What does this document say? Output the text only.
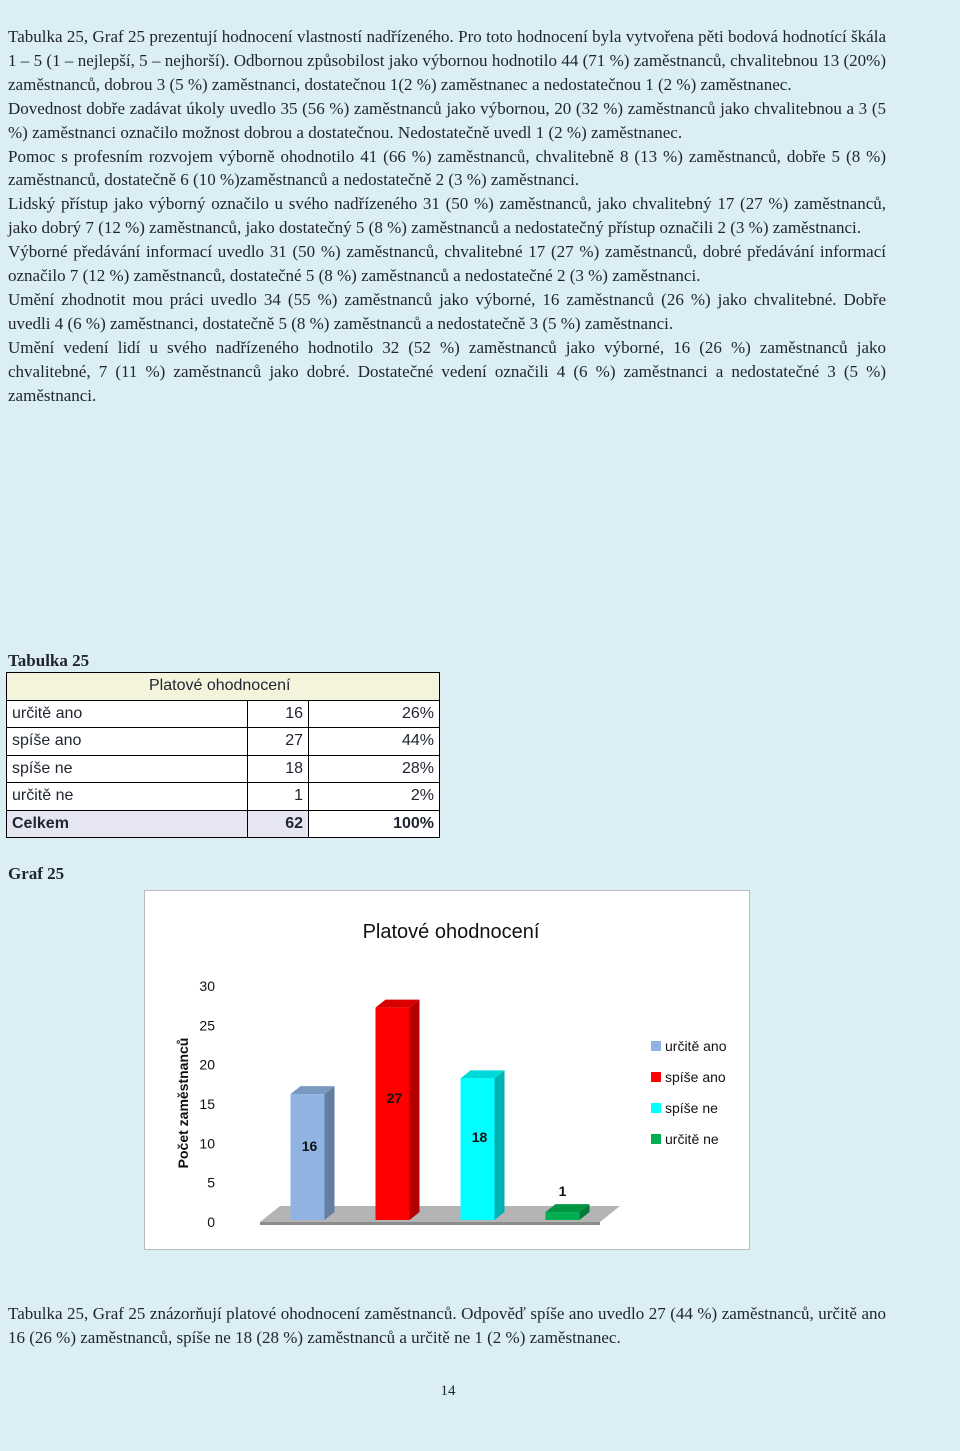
Tabulka 25, Graf 25 prezentují hodnocení vlastností nadřízeného. Pro toto hodnocení byla vytvořena pěti bodová hodnotící škála 1 – 5 (1 – nejlepší, 5 – nejhorší). Odbornou způsobilost jako výbornou hodnotilo 44 (71 %) zaměstnanců, chvalitebnou 13 (20%) zaměstnanců, dobrou 3 (5 %) zaměstnanci, dostatečnou 1(2 %) zaměstnanec a nedostatečnou 1 (2 %) zaměstnanec.

Dovednost dobře zadávat úkoly uvedlo 35 (56 %) zaměstnanců jako výbornou, 20 (32 %) zaměstnanců jako chvalitebnou a 3 (5 %) zaměstnanci označilo možnost dobrou a dostatečnou. Nedostatečně uvedl 1 (2 %) zaměstnanec.

Pomoc s profesním rozvojem výborně ohodnotilo 41 (66 %) zaměstnanců, chvalitebně 8 (13 %) zaměstnanců, dobře 5 (8 %) zaměstnanců, dostatečně 6 (10 %)zaměstnanců a nedostatečně 2 (3 %) zaměstnanci.

Lidský přístup jako výborný označilo u svého nadřízeného 31 (50 %) zaměstnanců, jako chvalitebný 17 (27 %) zaměstnanců, jako dobrý 7 (12 %) zaměstnanců, jako dostatečný 5 (8 %) zaměstnanců a nedostatečný přístup označili 2 (3 %) zaměstnanci.

Výborné předávání informací uvedlo 31 (50 %) zaměstnanců, chvalitebné 17 (27 %) zaměstnanců, dobré předávání informací označilo 7 (12 %) zaměstnanců, dostatečné 5 (8 %) zaměstnanců a nedostatečné 2 (3 %) zaměstnanci.

Umění zhodnotit mou práci uvedlo 34 (55 %) zaměstnanců jako výborné, 16 zaměstnanců (26 %) jako chvalitebné. Dobře uvedli 4 (6 %) zaměstnanci, dostatečně 5 (8 %) zaměstnanců a nedostatečně 3 (5 %) zaměstnanci.

Umění vedení lidí u svého nadřízeného hodnotilo 32 (52 %) zaměstnanců jako výborné, 16 (26 %) zaměstnanců jako chvalitebné, 7 (11 %) zaměstnanců jako dobré. Dostatečné vedení označili 4 (6 %) zaměstnanci a nedostatečné 3 (5 %) zaměstnanci.

Tabulka 25
Platové ohodnocení		
určitě ano	16	26%
spíše ano	27	44%
spíše ne	18	28%
určitě ne	1	2%
Celkem	62	100%
Graf 25
Platové ohodnocení
Počet zaměstnanců
0
5
10
15
20
25
30
16
27
18
1
určitě ano
spíše ano
spíše ne
určitě ne
Tabulka 25, Graf 25 znázorňují platové ohodnocení zaměstnanců. Odpověď spíše ano uvedlo 27 (44 %) zaměstnanců, určitě ano 16 (26 %) zaměstnanců, spíše ne 18 (28 %) zaměstnanců a určitě ne 1 (2 %) zaměstnanec.
14
